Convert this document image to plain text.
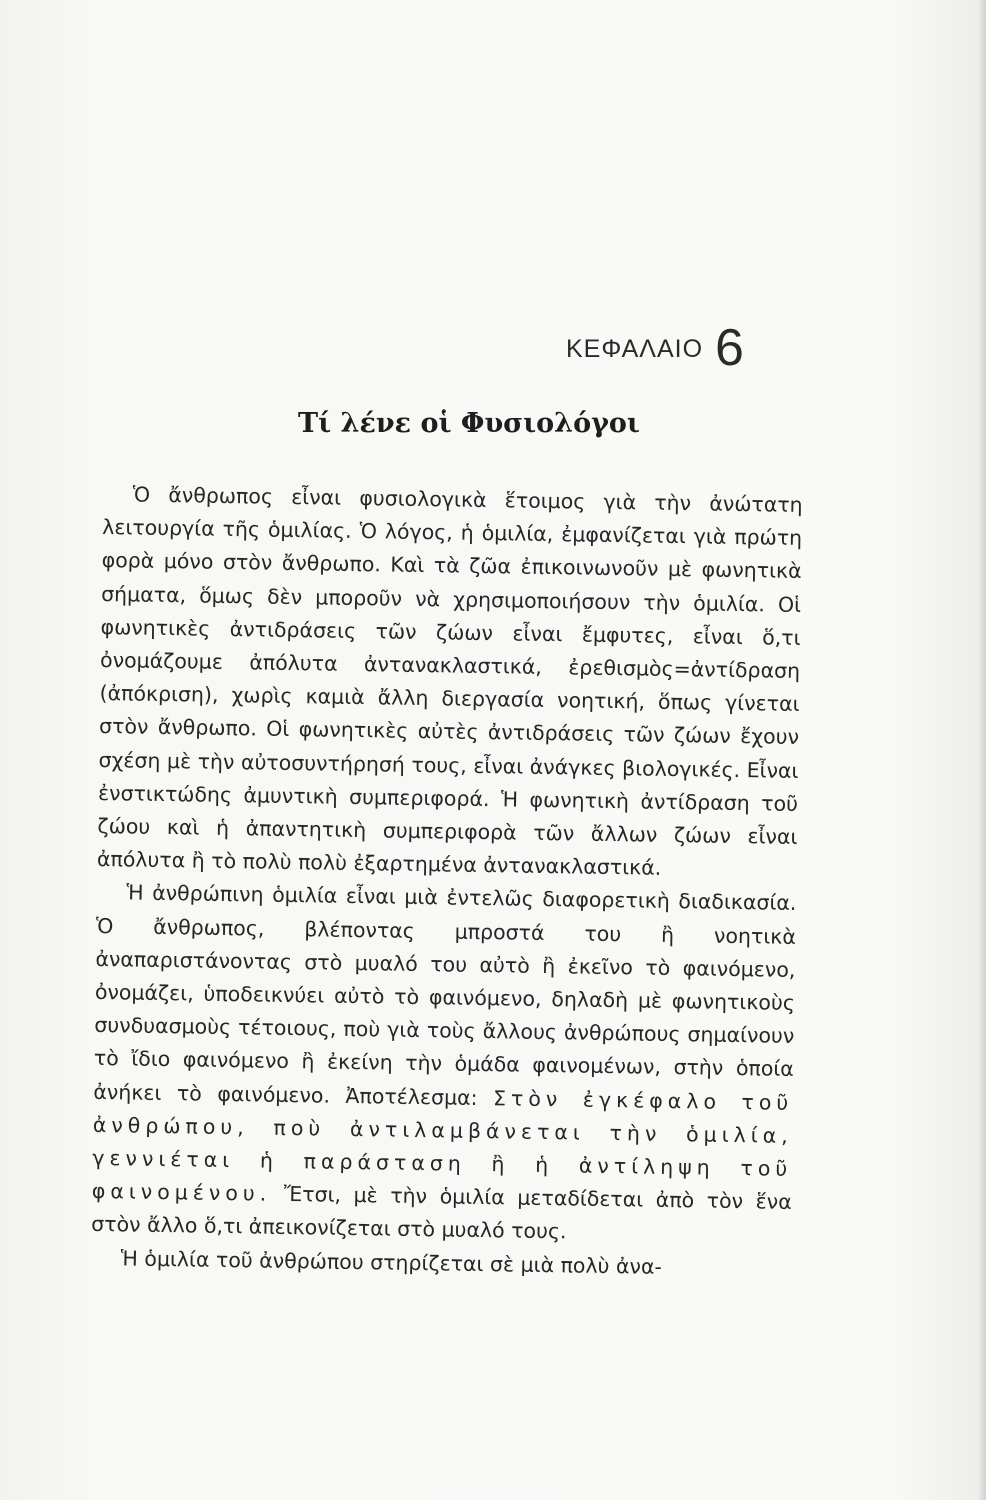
ΚΕΦΑΛΑΙΟ 6
Τί λένε οἱ Φυσιολόγοι

Ὁ ἄνθρωπος εἶναι φυσιολογικὰ ἕτοιμος γιὰ τὴν ἀνώτατη λειτουργία τῆς ὁμιλίας. Ὁ λόγος, ἡ ὁμιλία, ἐμφανίζεται γιὰ πρώτη φορὰ μόνο στὸν ἄνθρωπο. Καὶ τὰ ζῶα ἐπικοινωνοῦν μὲ φωνητικὰ σήματα, ὅμως δὲν μποροῦν νὰ χρησιμοποιήσουν τὴν ὁμιλία. Οἱ φωνητικὲς ἀντιδράσεις τῶν ζώων εἶναι ἔμφυτες, εἶναι ὅ,τι ὀνομάζουμε ἀπόλυτα ἀντανακλαστικά, ἐρεθισμὸς=ἀντίδραση (ἀπόκριση), χωρὶς καμιὰ ἄλλη διεργασία νοητική, ὅπως γίνεται στὸν ἄνθρωπο. Οἱ φωνητικὲς αὐτὲς ἀντιδράσεις τῶν ζώων ἔχουν σχέση μὲ τὴν αὐτοσυντήρησή τους, εἶναι ἀνάγκες βιολογικές. Εἶναι ἐνστικτώδης ἀμυντικὴ συμπεριφορά. Ἡ φωνητικὴ ἀντίδραση τοῦ ζώου καὶ ἡ ἀπαντητικὴ συμπεριφορὰ τῶν ἄλλων ζώων εἶναι ἀπόλυτα ἢ τὸ πολὺ πολὺ ἐξαρτημένα ἀντανακλαστικά.

Ἡ ἀνθρώπινη ὁμιλία εἶναι μιὰ ἐντελῶς διαφορετικὴ διαδικασία. Ὁ ἄνθρωπος, βλέποντας μπροστά του ἢ νοητικὰ ἀναπαριστάνοντας στὸ μυαλό του αὐτὸ ἢ ἐκεῖνο τὸ φαινόμενο, ὀνομάζει, ὑποδεικνύει αὐτὸ τὸ φαινόμενο, δηλαδὴ μὲ φωνητικοὺς συνδυασμοὺς τέτοιους, ποὺ γιὰ τοὺς ἄλλους ἀνθρώπους σημαίνουν τὸ ἴδιο φαινόμενο ἢ ἐκείνη τὴν ὁμάδα φαινομένων, στὴν ὁποία ἀνήκει τὸ φαινόμενο. Ἀποτέλεσμα: Στὸν ἐγκέφαλο τοῦ ἀνθρώπου, ποὺ ἀντιλαμβάνεται τὴν ὁμιλία, γεννιέται ἡ παράσταση ἢ ἡ ἀντίληψη τοῦ φαινομένου. Ἔτσι, μὲ τὴν ὁμιλία μεταδίδεται ἀπὸ τὸν ἕνα στὸν ἄλλο ὅ,τι ἀπεικονίζεται στὸ μυαλό τους.

Ἡ ὁμιλία τοῦ ἀνθρώπου στηρίζεται σὲ μιὰ πολὺ ἀνα-
